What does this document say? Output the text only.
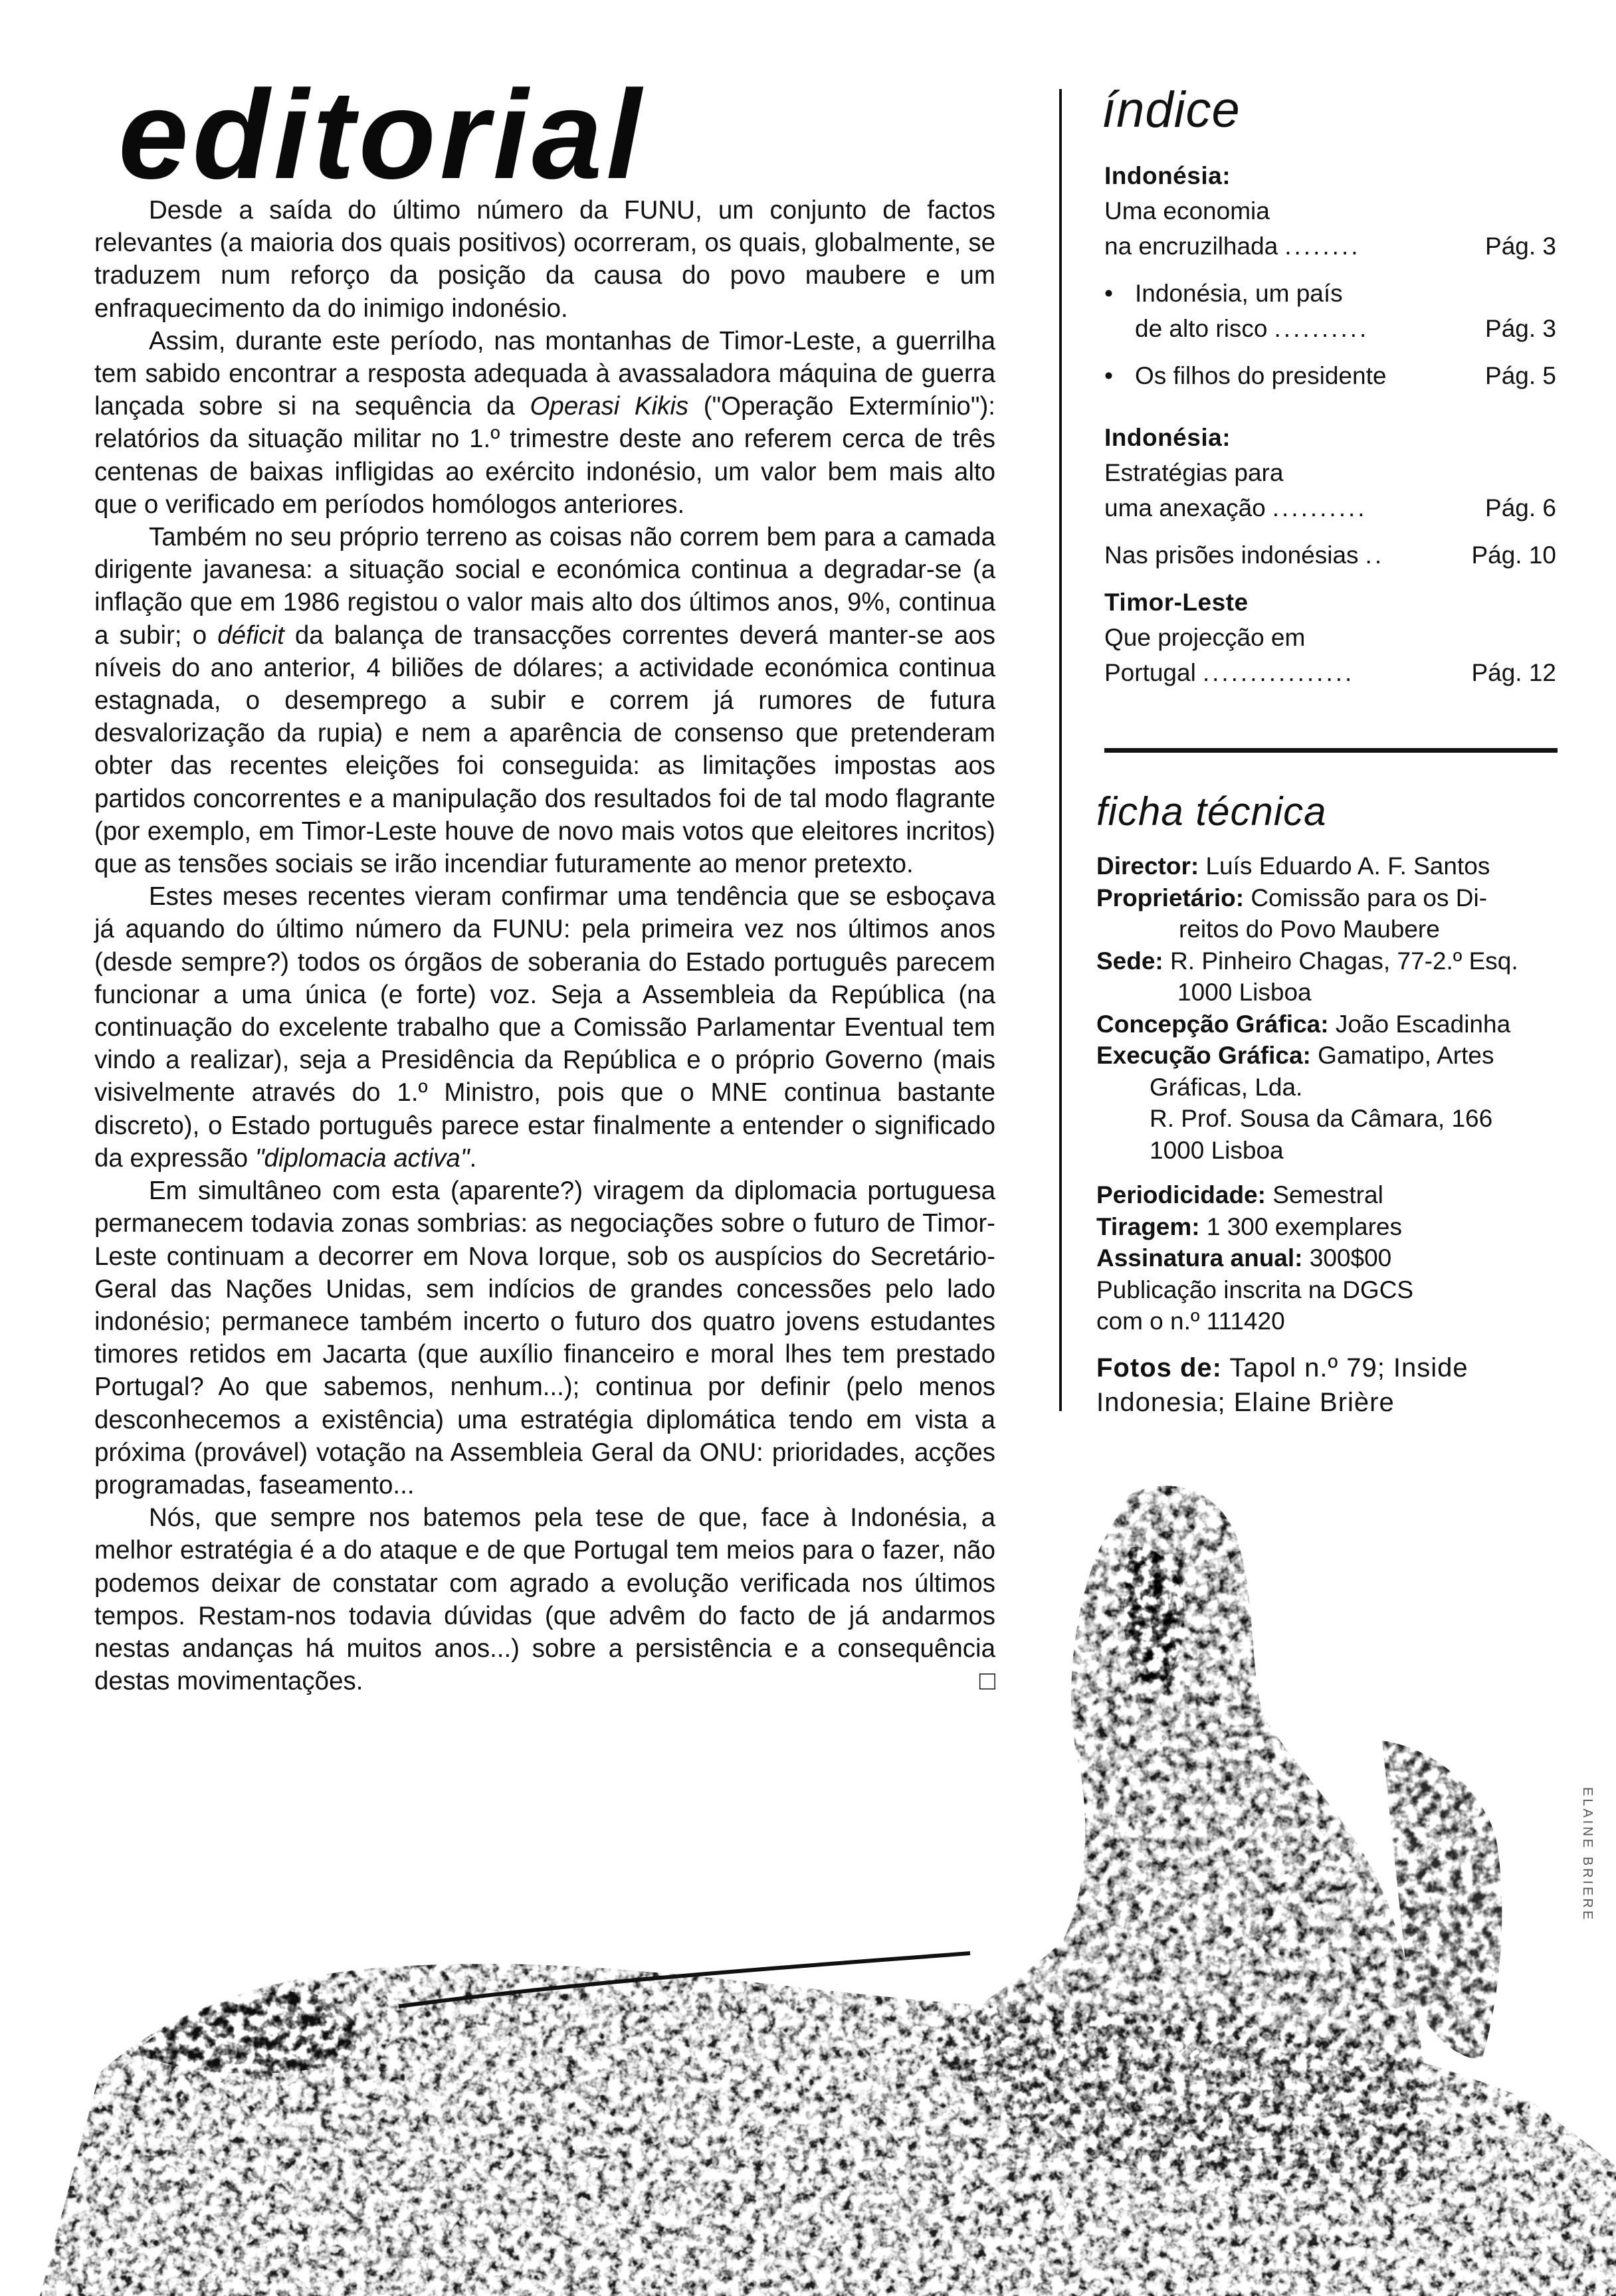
editorial

Desde a saída do último número da FUNU, um conjunto de factos relevantes (a maioria dos quais positivos) ocorreram, os quais, globalmente, se traduzem num reforço da posição da causa do povo maubere e um enfraquecimento da do inimigo indonésio.

Assim, durante este período, nas montanhas de Timor-Leste, a guerrilha tem sabido encontrar a resposta adequada à avassaladora máquina de guerra lançada sobre si na sequência da Operasi Kikis ("Operação Extermínio"): relatórios da situação militar no 1.º trimestre deste ano referem cerca de três centenas de baixas infligidas ao exército indonésio, um valor bem mais alto que o verificado em períodos homólogos anteriores.

Também no seu próprio terreno as coisas não correm bem para a camada dirigente javanesa: a situação social e económica continua a degradar-se (a inflação que em 1986 registou o valor mais alto dos últimos anos, 9%, continua a subir; o déficit da balança de transacções correntes deverá manter-se aos níveis do ano anterior, 4 biliões de dólares; a actividade económica continua estagnada, o desemprego a subir e correm já rumores de futura desvalorização da rupia) e nem a aparência de consenso que pretenderam obter das recentes eleições foi conseguida: as limitações impostas aos partidos concorrentes e a manipulação dos resultados foi de tal modo flagrante (por exemplo, em Timor-Leste houve de novo mais votos que eleitores incritos) que as tensões sociais se irão incendiar futuramente ao menor pretexto.

Estes meses recentes vieram confirmar uma tendência que se esboçava já aquando do último número da FUNU: pela primeira vez nos últimos anos (desde sempre?) todos os órgãos de soberania do Estado português parecem funcionar a uma única (e forte) voz. Seja a Assembleia da República (na continuação do excelente trabalho que a Comissão Parlamentar Eventual tem vindo a realizar), seja a Presidência da República e o próprio Governo (mais visivelmente através do 1.º Ministro, pois que o MNE continua bastante discreto), o Estado português parece estar finalmente a entender o significado da expressão "diplomacia activa".

Em simultâneo com esta (aparente?) viragem da diplomacia portuguesa permanecem todavia zonas sombrias: as negociações sobre o futuro de Timor-Leste continuam a decorrer em Nova Iorque, sob os auspícios do Secretário-Geral das Nações Unidas, sem indícios de grandes concessões pelo lado indonésio; permanece também incerto o futuro dos quatro jovens estudantes timores retidos em Jacarta (que auxílio financeiro e moral lhes tem prestado Portugal? Ao que sabemos, nenhum...); continua por definir (pelo menos desconhecemos a existência) uma estratégia diplomática tendo em vista a próxima (provável) votação na Assembleia Geral da ONU: prioridades, acções programadas, faseamento...

Nós, que sempre nos batemos pela tese de que, face à Indonésia, a melhor estratégia é a do ataque e de que Portugal tem meios para o fazer, não podemos deixar de constatar com agrado a evolução verificada nos últimos tempos. Restam-nos todavia dúvidas (que advêm do facto de já andarmos nestas andanças há muitos anos...) sobre a persistência e a consequência destas movimentações.	□

índice
Indonésia:
Uma economia
na encruzilhada ........	Pág. 3
• Indonésia, um país
de alto risco ..........	Pág. 3
• Os filhos do presidente	Pág. 5
Indonésia:
Estratégias para
uma anexação ..........	Pág. 6
Nas prisões indonésias ..	Pág. 10
Timor-Leste
Que projecção em
Portugal ................	Pág. 12
ficha técnica
Director: Luís Eduardo A. F. Santos
Proprietário: Comissão para os Di-
reitos do Povo Maubere
Sede: R. Pinheiro Chagas, 77-2.º Esq.
1000 Lisboa
Concepção Gráfica: João Escadinha
Execução Gráfica: Gamatipo, Artes
Gráficas, Lda.
R. Prof. Sousa da Câmara, 166
1000 Lisboa
Periodicidade: Semestral
Tiragem: 1 300 exemplares
Assinatura anual: 300$00
Publicação inscrita na DGCS
com o n.º 111420
Fotos de: Tapol n.º 79; Inside
Indonesia; Elaine Brière
ELAINE BRIERE
